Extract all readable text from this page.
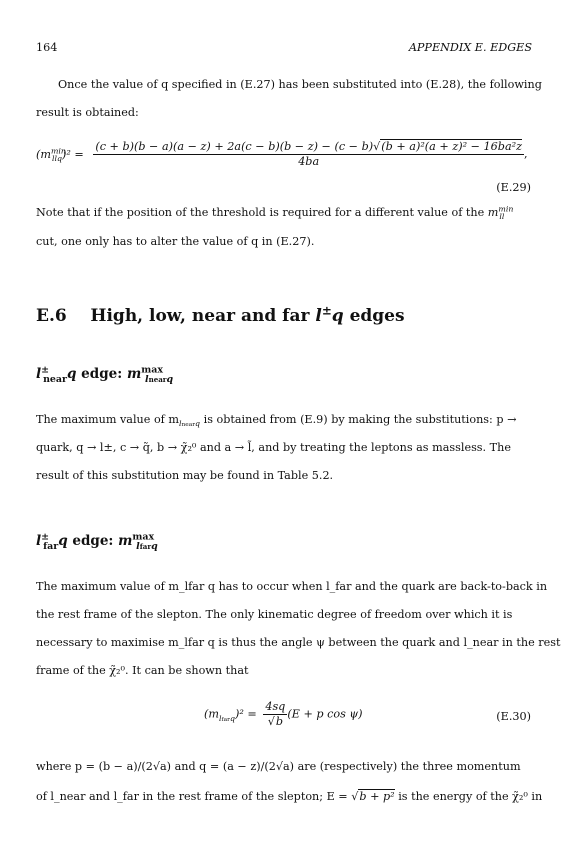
164	APPENDIX E. EDGES
Once the value of q specified in (E.27) has been substituted into (E.28), the following
result is obtained:
$(m^{min}_{llq})^2$ =
(c + b)(b − a)(a − z) + 2a(c − b)(b − z) − (c − b)√(b + a)²(a + z)² − 16ba²z
4ba
,
(E.29)
Note that if the position of the threshold is required for a different value of the $m^{min}_{ll}$
cut, one only has to alter the value of q in (E.27).
E.6 High, low, near and far l±q edges
$l^\pm_{near}q$ edge: $m^{max}_{lnearq}$
The maximum value of $m_{lnearq}$ is obtained from (E.9) by making the substitutions: p →
quark, q → l±, c → q̃, b → χ̃₂⁰ and a → l̃, and by treating the leptons as massless. The
result of this substitution may be found in Table 5.2.
$l^\pm_{far}q$ edge: $m^{max}_{lfarq}$
The maximum value of m_lfar q has to occur when l_far and the quark are back-to-back in
the rest frame of the slepton. The only kinematic degree of freedom over which it is
necessary to maximise m_lfar q is thus the angle ψ between the quark and l_near in the rest
frame of the χ̃₂⁰. It can be shown that
$(m_{lfarq})^2 = \frac{4sq}{√b} (E + p$ cos ψ)	(E.30)
where p = (b − a)/(2√a) and q = (a − z)/(2√a) are (respectively) the three momentum
of l_near and l_far in the rest frame of the slepton; E = √b + p² is the energy of the χ̃₂⁰ in
